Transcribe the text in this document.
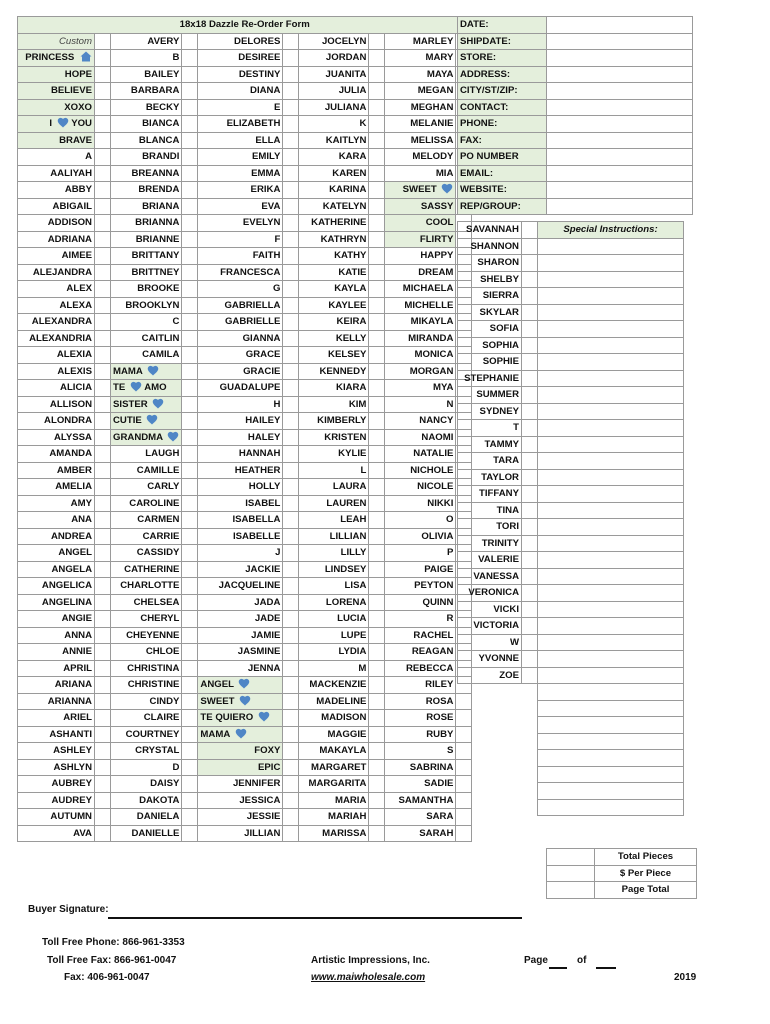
18x18 Dazzle Re-Order Form									
Custom		AVERY		DELORES		JOCELYN		MARLEY	
PRINCESS		B		DESIREE		JORDAN		MARY	
HOPE		BAILEY		DESTINY		JUANITA		MAYA	
BELIEVE		BARBARA		DIANA		JULIA		MEGAN	
XOXO		BECKY		E		JULIANA		MEGHAN	
I  YOU		BIANCA		ELIZABETH		K		MELANIE	
BRAVE		BLANCA		ELLA		KAITLYN		MELISSA	
A		BRANDI		EMILY		KARA		MELODY	
AALIYAH		BREANNA		EMMA		KAREN		MIA	
ABBY		BRENDA		ERIKA		KARINA		SWEET	
ABIGAIL		BRIANA		EVA		KATELYN		SASSY	
ADDISON		BRIANNA		EVELYN		KATHERINE		COOL	
ADRIANA		BRIANNE		F		KATHRYN		FLIRTY	
AIMEE		BRITTANY		FAITH		KATHY		HAPPY	
ALEJANDRA		BRITTNEY		FRANCESCA		KATIE		DREAM	
ALEX		BROOKE		G		KAYLA		MICHAELA	
ALEXA		BROOKLYN		GABRIELLA		KAYLEE		MICHELLE	
ALEXANDRA		C		GABRIELLE		KEIRA		MIKAYLA	
ALEXANDRIA		CAITLIN		GIANNA		KELLY		MIRANDA	
ALEXIA		CAMILA		GRACE		KELSEY		MONICA	
ALEXIS		MAMA		GRACIE		KENNEDY		MORGAN	
ALICIA		TE  AMO		GUADALUPE		KIARA		MYA	
ALLISON		SISTER		H		KIM		N	
ALONDRA		CUTIE		HAILEY		KIMBERLY		NANCY	
ALYSSA		GRANDMA		HALEY		KRISTEN		NAOMI	
AMANDA		LAUGH		HANNAH		KYLIE		NATALIE	
AMBER		CAMILLE		HEATHER		L		NICHOLE	
AMELIA		CARLY		HOLLY		LAURA		NICOLE	
AMY		CAROLINE		ISABEL		LAUREN		NIKKI	
ANA		CARMEN		ISABELLA		LEAH		O	
ANDREA		CARRIE		ISABELLE		LILLIAN		OLIVIA	
ANGEL		CASSIDY		J		LILLY		P	
ANGELA		CATHERINE		JACKIE		LINDSEY		PAIGE	
ANGELICA		CHARLOTTE		JACQUELINE		LISA		PEYTON	
ANGELINA		CHELSEA		JADA		LORENA		QUINN	
ANGIE		CHERYL		JADE		LUCIA		R	
ANNA		CHEYENNE		JAMIE		LUPE		RACHEL	
ANNIE		CHLOE		JASMINE		LYDIA		REAGAN	
APRIL		CHRISTINA		JENNA		M		REBECCA	
ARIANA		CHRISTINE		ANGEL		MACKENZIE		RILEY	
ARIANNA		CINDY		SWEET		MADELINE		ROSA	
ARIEL		CLAIRE		TE QUIERO		MADISON		ROSE	
ASHANTI		COURTNEY		MAMA		MAGGIE		RUBY	
ASHLEY		CRYSTAL		FOXY		MAKAYLA		S	
ASHLYN		D		EPIC		MARGARET		SABRINA	
AUBREY		DAISY		JENNIFER		MARGARITA		SADIE	
AUDREY		DAKOTA		JESSICA		MARIA		SAMANTHA	
AUTUMN		DANIELA		JESSIE		MARIAH		SARA	
AVA		DANIELLE		JILLIAN		MARISSA		SARAH	
DATE:	
SHIPDATE:	
STORE:	
ADDRESS:	
CITY/ST/ZIP:	
CONTACT:	
PHONE:	
FAX:	
PO NUMBER	
EMAIL:	
WEBSITE:	
REP/GROUP:	
SAVANNAH		Special Instructions:
SHANNON		
SHARON		
SHELBY		
SIERRA		
SKYLAR		
SOFIA		
SOPHIA		
SOPHIE		
STEPHANIE		
SUMMER		
SYDNEY		
T		
TAMMY		
TARA		
TAYLOR		
TIFFANY		
TINA		
TORI		
TRINITY		
VALERIE		
VANESSA		
VERONICA		
VICKI		
VICTORIA		
W		
YVONNE		
ZOE		

	Total Pieces
	$ Per Piece
	Page Total
Buyer Signature:
Toll Free Phone: 866-961-3353
Toll Free Fax: 866-961-0047
Fax: 406-961-0047
Artistic Impressions, Inc.
www.maiwholesale.com
Page	of
2019
